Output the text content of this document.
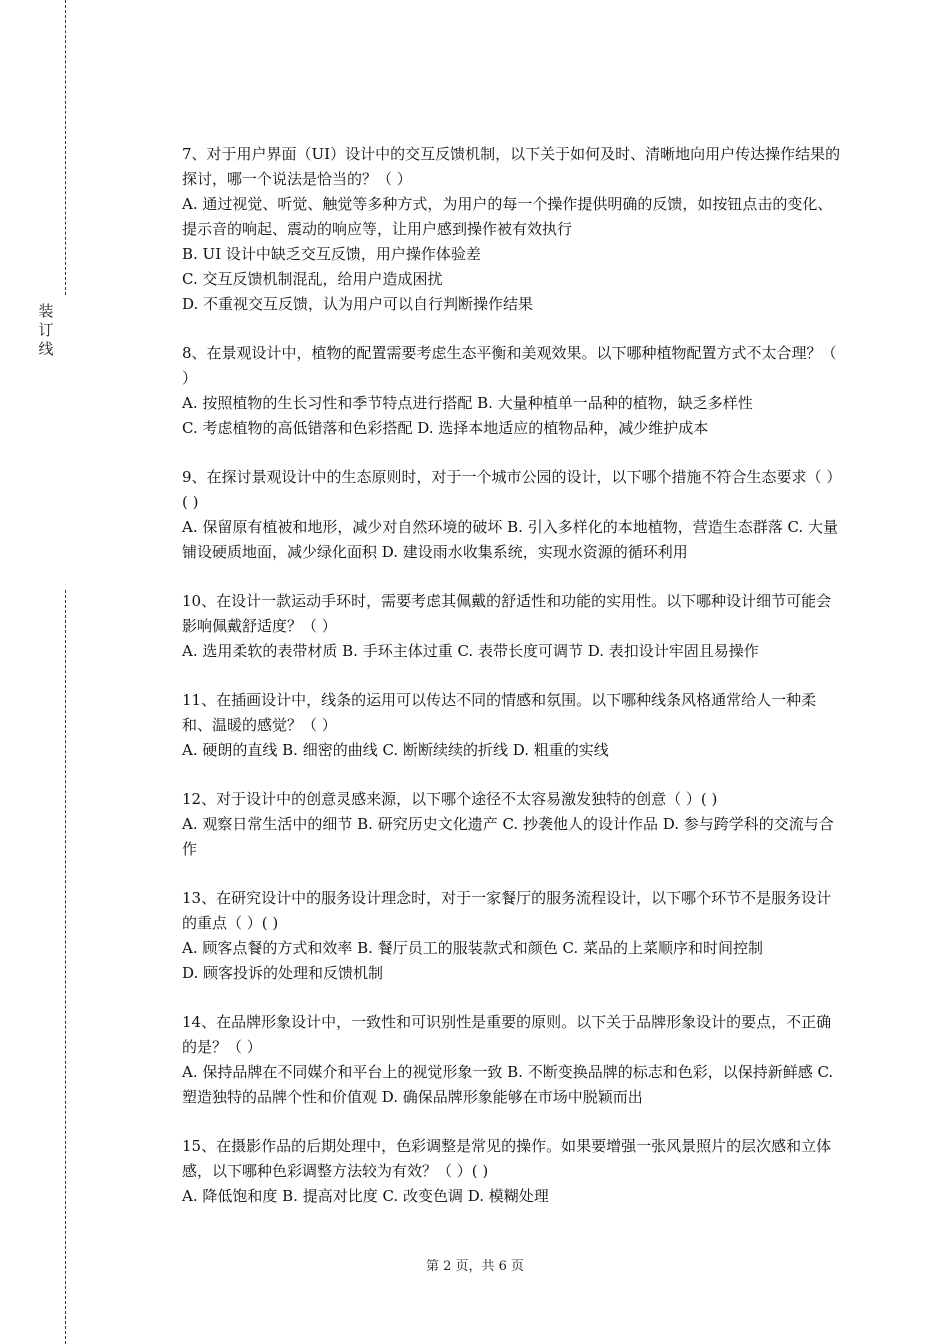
装
订
线

7、对于用户界面（UI）设计中的交互反馈机制，以下关于如何及时、清晰地向用户传达操作结果的探讨，哪一个说法是恰当的？（ ）

A. 通过视觉、听觉、触觉等多种方式，为用户的每一个操作提供明确的反馈，如按钮点击的变化、提示音的响起、震动的响应等，让用户感到操作被有效执行

B. UI 设计中缺乏交互反馈，用户操作体验差

C. 交互反馈机制混乱，给用户造成困扰

D. 不重视交互反馈，认为用户可以自行判断操作结果

8、在景观设计中，植物的配置需要考虑生态平衡和美观效果。以下哪种植物配置方式不太合理？（ ）

A. 按照植物的生长习性和季节特点进行搭配 B. 大量种植单一品种的植物，缺乏多样性

C. 考虑植物的高低错落和色彩搭配 D. 选择本地适应的植物品种，减少维护成本

9、在探讨景观设计中的生态原则时，对于一个城市公园的设计，以下哪个措施不符合生态要求（ ）( )

A. 保留原有植被和地形，减少对自然环境的破坏 B. 引入多样化的本地植物，营造生态群落 C. 大量铺设硬质地面，减少绿化面积 D. 建设雨水收集系统，实现水资源的循环利用

10、在设计一款运动手环时，需要考虑其佩戴的舒适性和功能的实用性。以下哪种设计细节可能会影响佩戴舒适度？（ ）

A. 选用柔软的表带材质 B. 手环主体过重 C. 表带长度可调节 D. 表扣设计牢固且易操作

11、在插画设计中，线条的运用可以传达不同的情感和氛围。以下哪种线条风格通常给人一种柔和、温暖的感觉？（ ）

A. 硬朗的直线 B. 细密的曲线 C. 断断续续的折线 D. 粗重的实线

12、对于设计中的创意灵感来源，以下哪个途径不太容易激发独特的创意（ ）( )

A. 观察日常生活中的细节 B. 研究历史文化遗产 C. 抄袭他人的设计作品 D. 参与跨学科的交流与合作

13、在研究设计中的服务设计理念时，对于一家餐厅的服务流程设计，以下哪个环节不是服务设计的重点（ ）( )

A. 顾客点餐的方式和效率 B. 餐厅员工的服装款式和颜色 C. 菜品的上菜顺序和时间控制

D. 顾客投诉的处理和反馈机制

14、在品牌形象设计中，一致性和可识别性是重要的原则。以下关于品牌形象设计的要点，不正确的是？（ ）

A. 保持品牌在不同媒介和平台上的视觉形象一致 B. 不断变换品牌的标志和色彩，以保持新鲜感 C. 塑造独特的品牌个性和价值观 D. 确保品牌形象能够在市场中脱颖而出

15、在摄影作品的后期处理中，色彩调整是常见的操作。如果要增强一张风景照片的层次感和立体感，以下哪种色彩调整方法较为有效？（ ）( )

A. 降低饱和度 B. 提高对比度 C. 改变色调 D. 模糊处理

第 2 页，共 6 页
